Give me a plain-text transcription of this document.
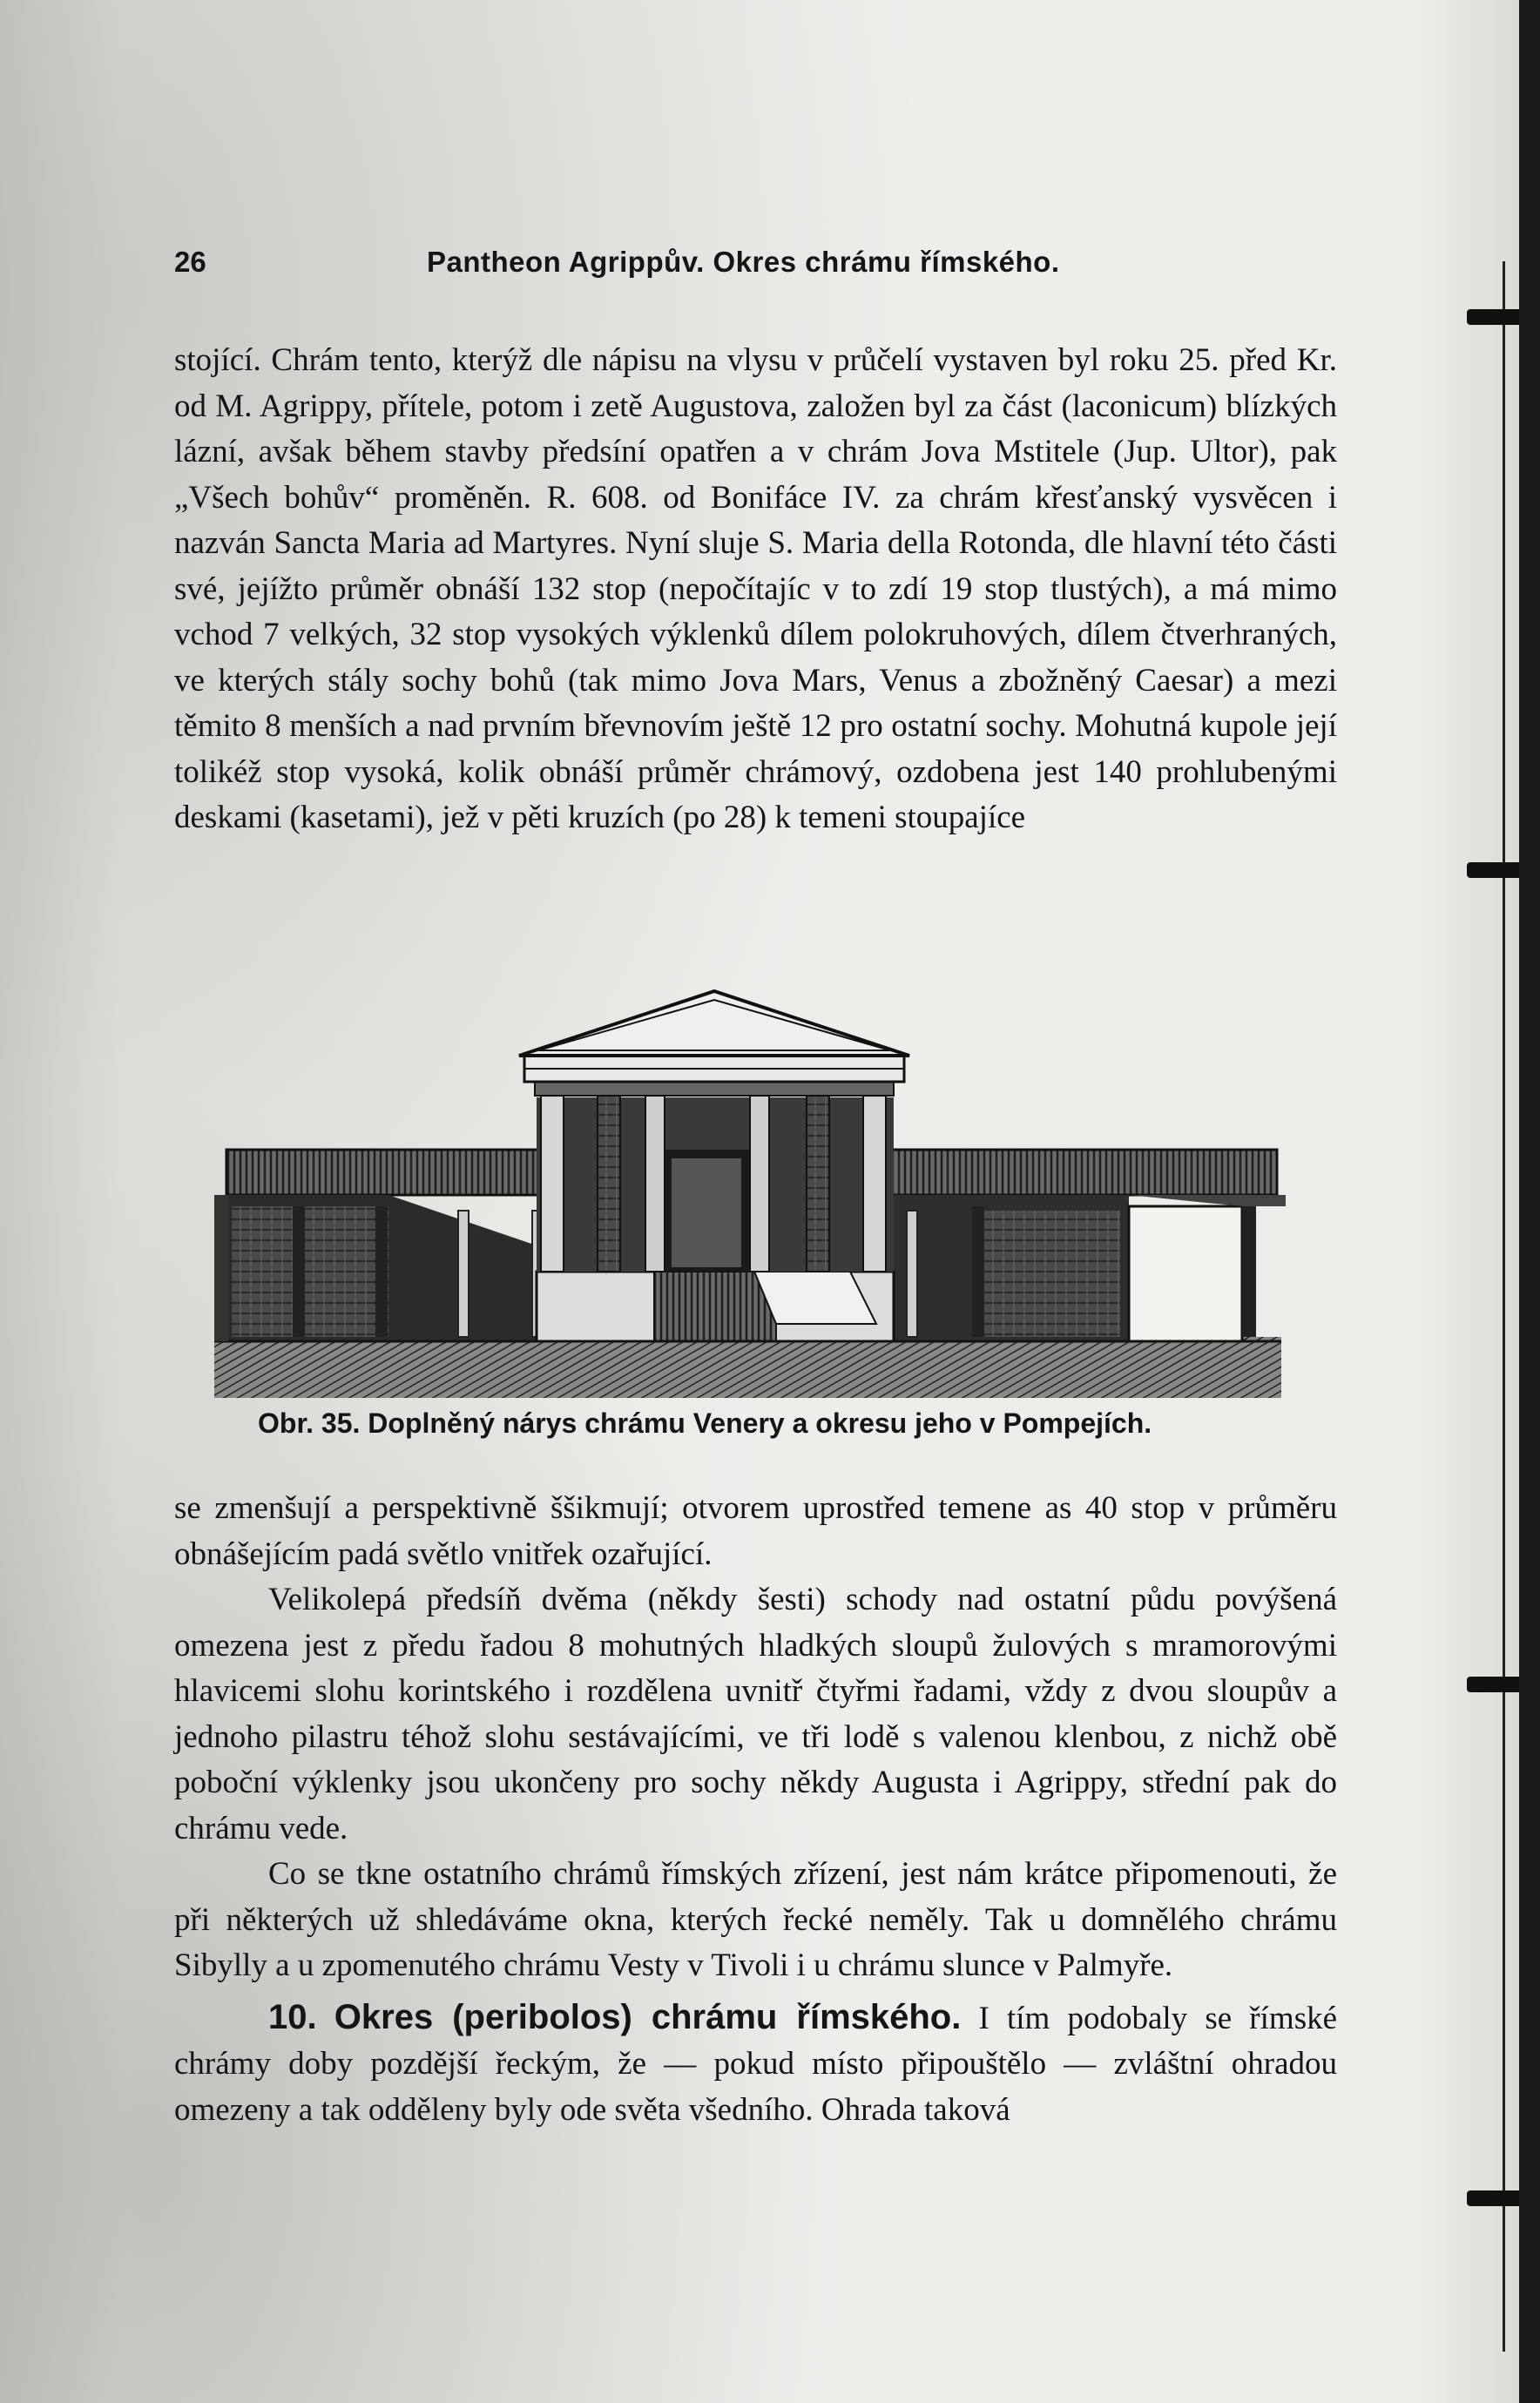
26	Pantheon Agrippův. Okres chrámu římského.

stojící. Chrám tento, kterýž dle nápisu na vlysu v průčelí vystaven byl roku 25. před Kr. od M. Agrippy, přítele, potom i zetě Augustova, založen byl za část (laconicum) blízkých lázní, avšak během stavby předsíní opatřen a v chrám Jova Mstitele (Jup. Ultor), pak „Všech bohův“ proměněn. R. 608. od Bonifáce IV. za chrám křesťanský vysvěcen i nazván Sancta Maria ad Martyres. Nyní sluje S. Maria della Rotonda, dle hlavní této části své, jejížto průměr obnáší 132 stop (nepočítajíc v to zdí 19 stop tlustých), a má mimo vchod 7 velkých, 32 stop vysokých výklenků dílem polokruhových, dílem čtverhraných, ve kterých stály sochy bohů (tak mimo Jova Mars, Venus a zbožněný Caesar) a mezi těmito 8 menších a nad prvním břevnovím ještě 12 pro ostatní sochy. Mohutná kupole její tolikéž stop vysoká, kolik obnáší průměr chrámový, ozdobena jest 140 prohlubenými deskami (kasetami), jež v pěti kruzích (po 28) k temeni stoupajíce

Obr. 35. Doplněný nárys chrámu Venery a okresu jeho v Pompejích.

se zmenšují a perspektivně ššikmují; otvorem uprostřed temene as 40 stop v průměru obnášejícím padá světlo vnitřek ozařující.

Velikolepá předsíň dvěma (někdy šesti) schody nad ostatní půdu povýšená omezena jest z předu řadou 8 mohutných hladkých sloupů žulových s mramorovými hlavicemi slohu korintského i rozdělena uvnitř čtyřmi řadami, vždy z dvou sloupův a jednoho pilastru téhož slohu sestávajícími, ve tři lodě s valenou klenbou, z nichž obě poboční výklenky jsou ukončeny pro sochy někdy Augusta i Agrippy, střední pak do chrámu vede.

Co se tkne ostatního chrámů římských zřízení, jest nám krátce připomenouti, že při některých už shledáváme okna, kterých řecké neměly. Tak u domnělého chrámu Sibylly a u zpomenutého chrámu Vesty v Tivoli i u chrámu slunce v Palmyře.

10. Okres (peribolos) chrámu římského. I tím podobaly se římské chrámy doby pozdější řeckým, že — pokud místo připouštělo — zvláštní ohradou omezeny a tak odděleny byly ode světa všedního. Ohrada taková
